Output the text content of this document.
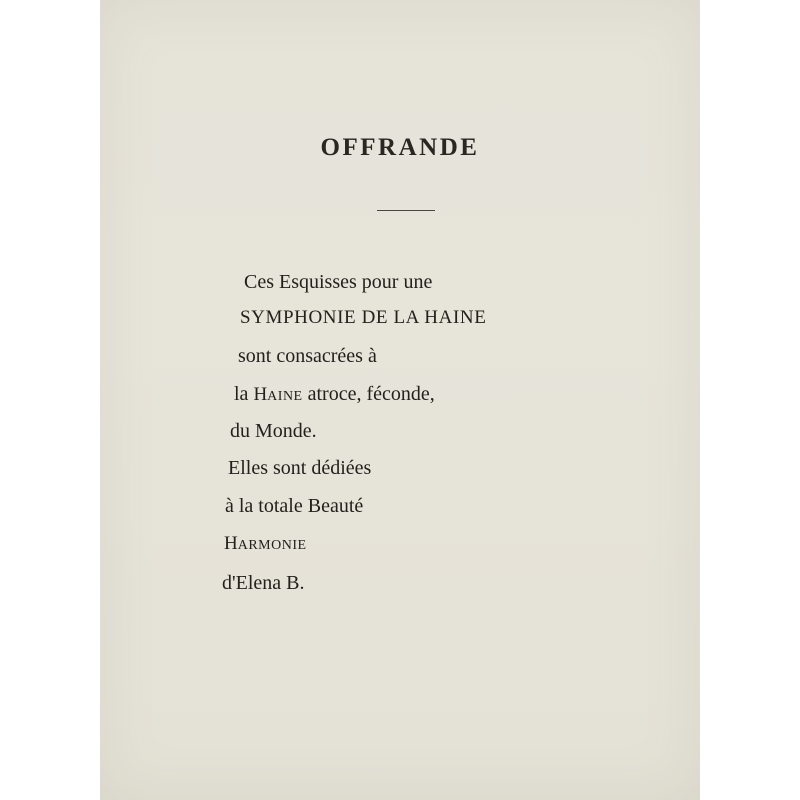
OFFRANDE

Ces Esquisses pour une

SYMPHONIE DE LA HAINE

sont consacrées à

la HAINE atroce, féconde,

du Monde.

Elles sont dédiées

à la totale Beauté

HARMONIE

d'Elena B.
